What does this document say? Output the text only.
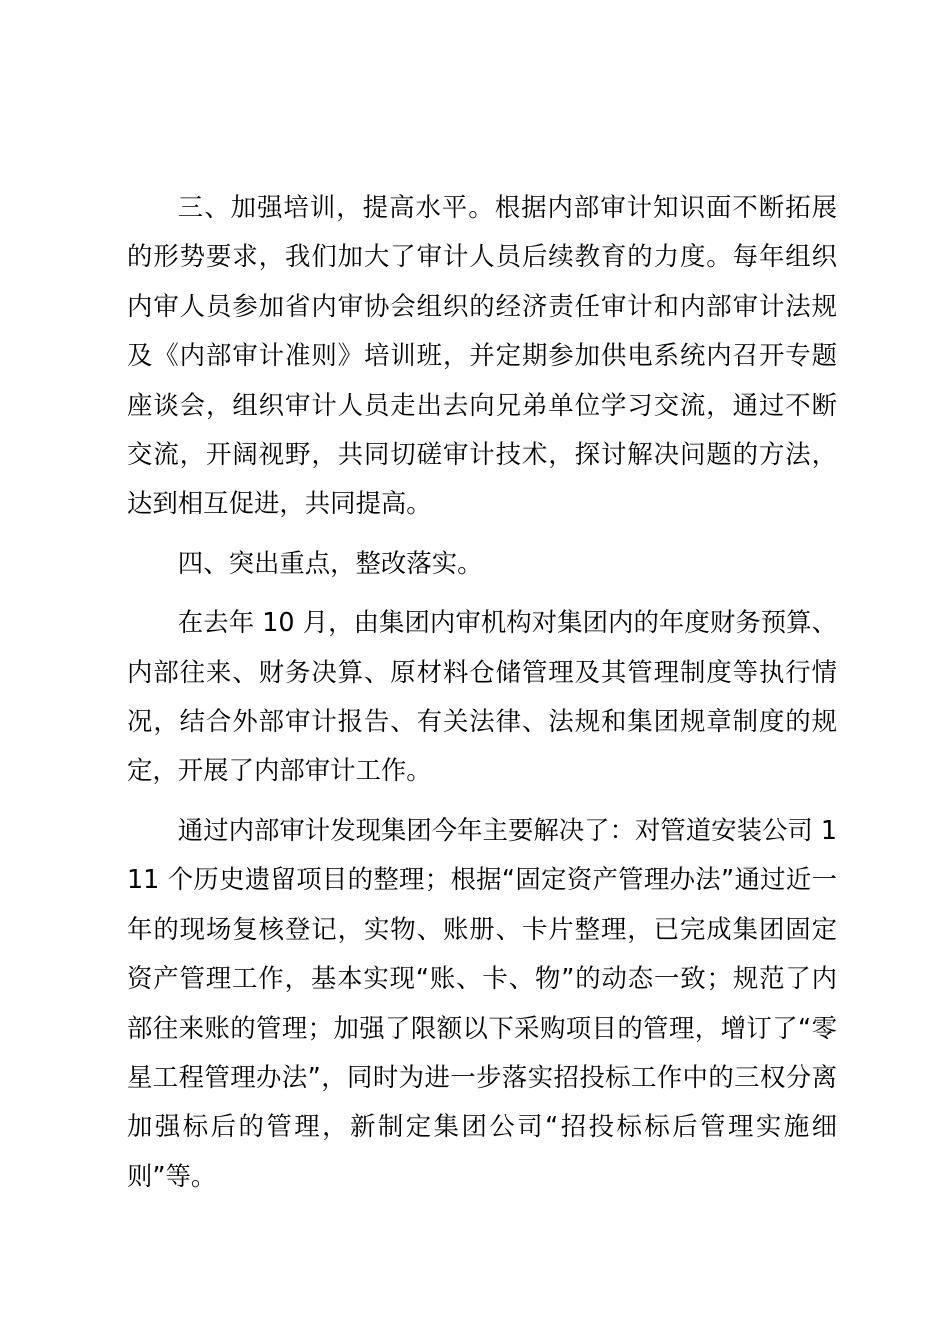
三、加强培训，提高水平。根据内部审计知识面不断拓展的形势要求，我们加大了审计人员后续教育的力度。每年组织内审人员参加省内审协会组织的经济责任审计和内部审计法规及《内部审计准则》培训班，并定期参加供电系统内召开专题座谈会，组织审计人员走出去向兄弟单位学习交流，通过不断交流，开阔视野，共同切磋审计技术，探讨解决问题的方法，达到相互促进，共同提高。

四、突出重点，整改落实。

在去年 10 月，由集团内审机构对集团内的年度财务预算、内部往来、财务决算、原材料仓储管理及其管理制度等执行情况，结合外部审计报告、有关法律、法规和集团规章制度的规定，开展了内部审计工作。

通过内部审计发现集团今年主要解决了：对管道安装公司 111 个历史遗留项目的整理；根据“固定资产管理办法”通过近一年的现场复核登记，实物、账册、卡片整理，已完成集团固定资产管理工作，基本实现“账、卡、物”的动态一致；规范了内部往来账的管理；加强了限额以下采购项目的管理，增订了“零星工程管理办法”，同时为进一步落实招投标工作中的三权分离加强标后的管理，新制定集团公司“招投标标后管理实施细则”等。
